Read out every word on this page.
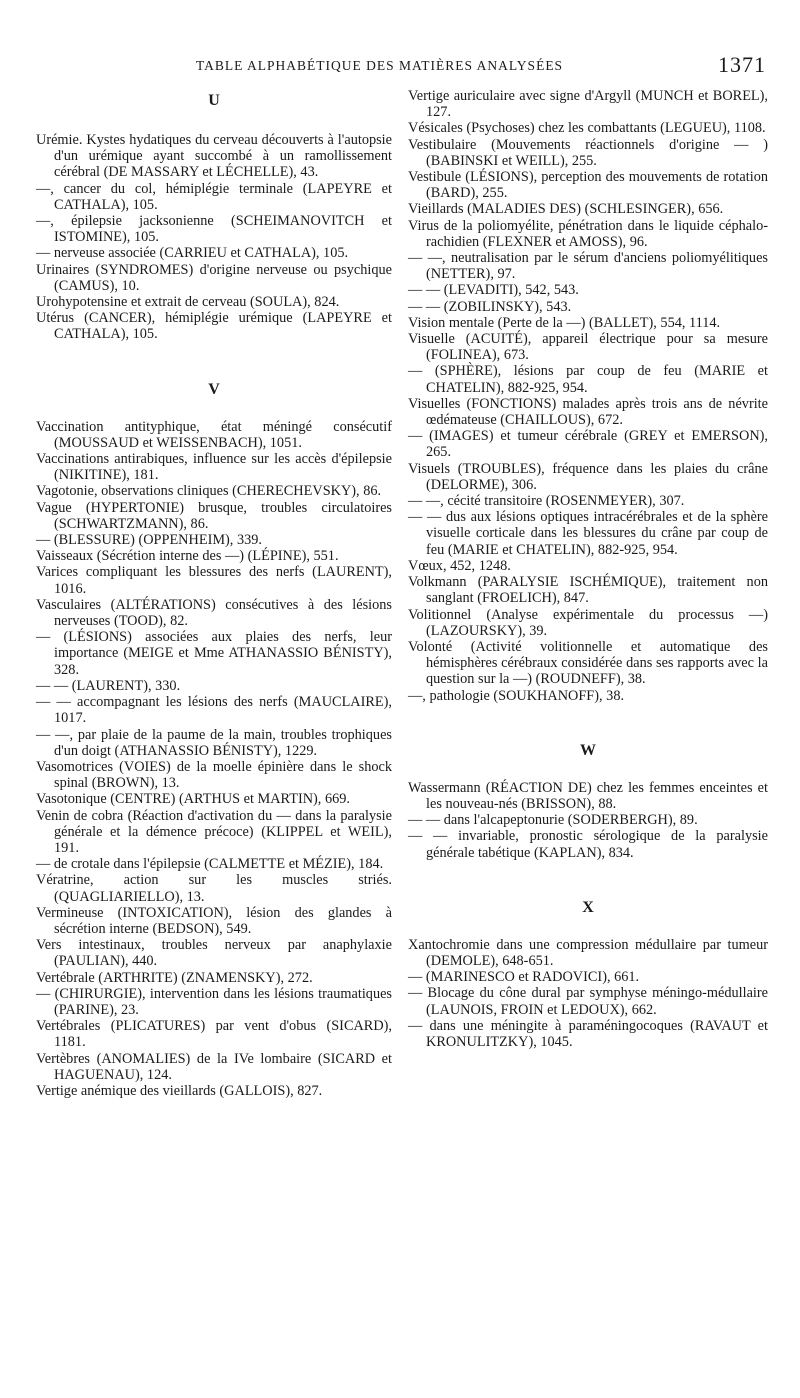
TABLE ALPHABÉTIQUE DES MATIÈRES ANALYSÉES	1371
U

Urémie. Kystes hydatiques du cerveau découverts à l'autopsie d'un urémique ayant succombé à un ramollissement cérébral (DE MASSARY et LÉCHELLE), 43.

—, cancer du col, hémiplégie terminale (LAPEYRE et CATHALA), 105.

—, épilepsie jacksonienne (SCHEIMANOVITCH et ISTOMINE), 105.

— nerveuse associée (CARRIEU et CATHALA), 105.

Urinaires (SYNDROMES) d'origine nerveuse ou psychique (CAMUS), 10.

Urohypotensine et extrait de cerveau (SOULA), 824.

Utérus (CANCER), hémiplégie urémique (LAPEYRE et CATHALA), 105.

V

Vaccination antityphique, état méningé consécutif (MOUSSAUD et WEISSENBACH), 1051.

Vaccinations antirabiques, influence sur les accès d'épilepsie (NIKITINE), 181.

Vagotonie, observations cliniques (CHERECHEVSKY), 86.

Vague (HYPERTONIE) brusque, troubles circulatoires (SCHWARTZMANN), 86.

— (BLESSURE) (OPPENHEIM), 339.

Vaisseaux (Sécrétion interne des —) (LÉPINE), 551.

Varices compliquant les blessures des nerfs (LAURENT), 1016.

Vasculaires (ALTÉRATIONS) consécutives à des lésions nerveuses (TOOD), 82.

— (LÉSIONS) associées aux plaies des nerfs, leur importance (MEIGE et Mme ATHANASSIO BÉNISTY), 328.

— — (LAURENT), 330.

— — accompagnant les lésions des nerfs (MAUCLAIRE), 1017.

— —, par plaie de la paume de la main, troubles trophiques d'un doigt (ATHANASSIO BÉNISTY), 1229.

Vasomotrices (VOIES) de la moelle épinière dans le shock spinal (BROWN), 13.

Vasotonique (CENTRE) (ARTHUS et MARTIN), 669.

Venin de cobra (Réaction d'activation du — dans la paralysie générale et la démence précoce) (KLIPPEL et WEIL), 191.

— de crotale dans l'épilepsie (CALMETTE et MÉZIE), 184.

Vératrine, action sur les muscles striés. (QUAGLIARIELLO), 13.

Vermineuse (INTOXICATION), lésion des glandes à sécrétion interne (BEDSON), 549.

Vers intestinaux, troubles nerveux par anaphylaxie (PAULIAN), 440.

Vertébrale (ARTHRITE) (ZNAMENSKY), 272.

— (CHIRURGIE), intervention dans les lésions traumatiques (PARINE), 23.

Vertébrales (PLICATURES) par vent d'obus (SICARD), 1181.

Vertèbres (ANOMALIES) de la IVe lombaire (SICARD et HAGUENAU), 124.

Vertige anémique des vieillards (GALLOIS), 827.

Vertige auriculaire avec signe d'Argyll (MUNCH et BOREL), 127.

Vésicales (Psychoses) chez les combattants (LEGUEU), 1108.

Vestibulaire (Mouvements réactionnels d'origine — ) (BABINSKI et WEILL), 255.

Vestibule (LÉSIONS), perception des mouvements de rotation (BARD), 255.

Vieillards (MALADIES DES) (SCHLESINGER), 656.

Virus de la poliomyélite, pénétration dans le liquide céphalo-rachidien (FLEXNER et AMOSS), 96.

— —, neutralisation par le sérum d'anciens poliomyélitiques (NETTER), 97.

— — (LEVADITI), 542, 543.

— — (ZOBILINSKY), 543.

Vision mentale (Perte de la —) (BALLET), 554, 1114.

Visuelle (ACUITÉ), appareil électrique pour sa mesure (FOLINEA), 673.

— (SPHÈRE), lésions par coup de feu (MARIE et CHATELIN), 882-925, 954.

Visuelles (FONCTIONS) malades après trois ans de névrite œdémateuse (CHAILLOUS), 672.

— (IMAGES) et tumeur cérébrale (GREY et EMERSON), 265.

Visuels (TROUBLES), fréquence dans les plaies du crâne (DELORME), 306.

— —, cécité transitoire (ROSENMEYER), 307.

— — dus aux lésions optiques intracérébrales et de la sphère visuelle corticale dans les blessures du crâne par coup de feu (MARIE et CHATELIN), 882-925, 954.

Vœux, 452, 1248.

Volkmann (PARALYSIE ISCHÉMIQUE), traitement non sanglant (FROELICH), 847.

Volitionnel (Analyse expérimentale du processus —) (LAZOURSKY), 39.

Volonté (Activité volitionnelle et automatique des hémisphères cérébraux considérée dans ses rapports avec la question sur la —) (ROUDNEFF), 38.

—, pathologie (SOUKHANOFF), 38.

W

Wassermann (RÉACTION DE) chez les femmes enceintes et les nouveau-nés (BRISSON), 88.

— — dans l'alcapeptonurie (SODERBERGH), 89.

— — invariable, pronostic sérologique de la paralysie générale tabétique (KAPLAN), 834.

X

Xantochromie dans une compression médullaire par tumeur (DEMOLE), 648-651.

— (MARINESCO et RADOVICI), 661.

— Blocage du cône dural par symphyse méningo-médullaire (LAUNOIS, FROIN et LEDOUX), 662.

— dans une méningite à paraméningocoques (RAVAUT et KRONULITZKY), 1045.
